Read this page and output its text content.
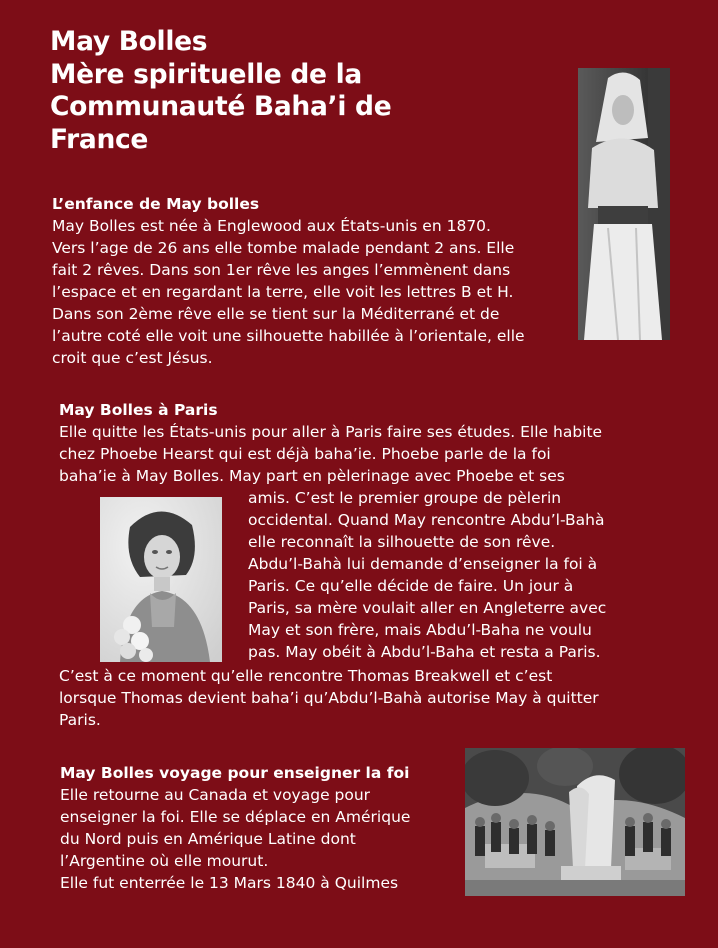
May Bolles
Mère spirituelle de la
Communauté Baha’i de
France
L’enfance de May bolles
May Bolles est née à Englewood aux États-unis en 1870.
Vers l’age de 26 ans elle tombe malade pendant 2 ans. Elle
fait 2 rêves. Dans son 1er rêve les anges l’emmènent dans
l’espace et en regardant la terre, elle voit les lettres B et H.
Dans son 2ème rêve elle se tient sur la Méditerrané et de
l’autre coté elle voit une silhouette habillée à l’orientale, elle
croit que c’est Jésus.
May Bolles à Paris
Elle quitte les États-unis pour aller à Paris faire ses études. Elle habite
chez Phoebe Hearst qui est déjà baha’ie. Phoebe parle de la foi
baha’ie à May Bolles. May part en pèlerinage avec Phoebe et ses
amis. C’est le premier groupe de pèlerin
occidental. Quand May rencontre Abdu’l-Bahà
elle reconnaît la silhouette de son rêve.
Abdu’l-Bahà lui demande d’enseigner la foi à
Paris. Ce qu’elle décide de faire. Un jour à
Paris, sa mère voulait aller en Angleterre avec
May et son frère, mais Abdu’l-Baha ne voulu
pas. May obéit à Abdu’l-Baha et resta a Paris.
C’est à ce moment qu’elle rencontre Thomas Breakwell et c’est
lorsque Thomas devient baha’i qu’Abdu’l-Bahà autorise May à quitter
Paris.
May Bolles voyage pour enseigner la foi
Elle retourne au Canada et voyage pour
enseigner la foi. Elle se déplace en Amérique
du Nord puis en Amérique Latine dont
l’Argentine où elle mourut.
Elle fut enterrée le 13 Mars 1840 à Quilmes
